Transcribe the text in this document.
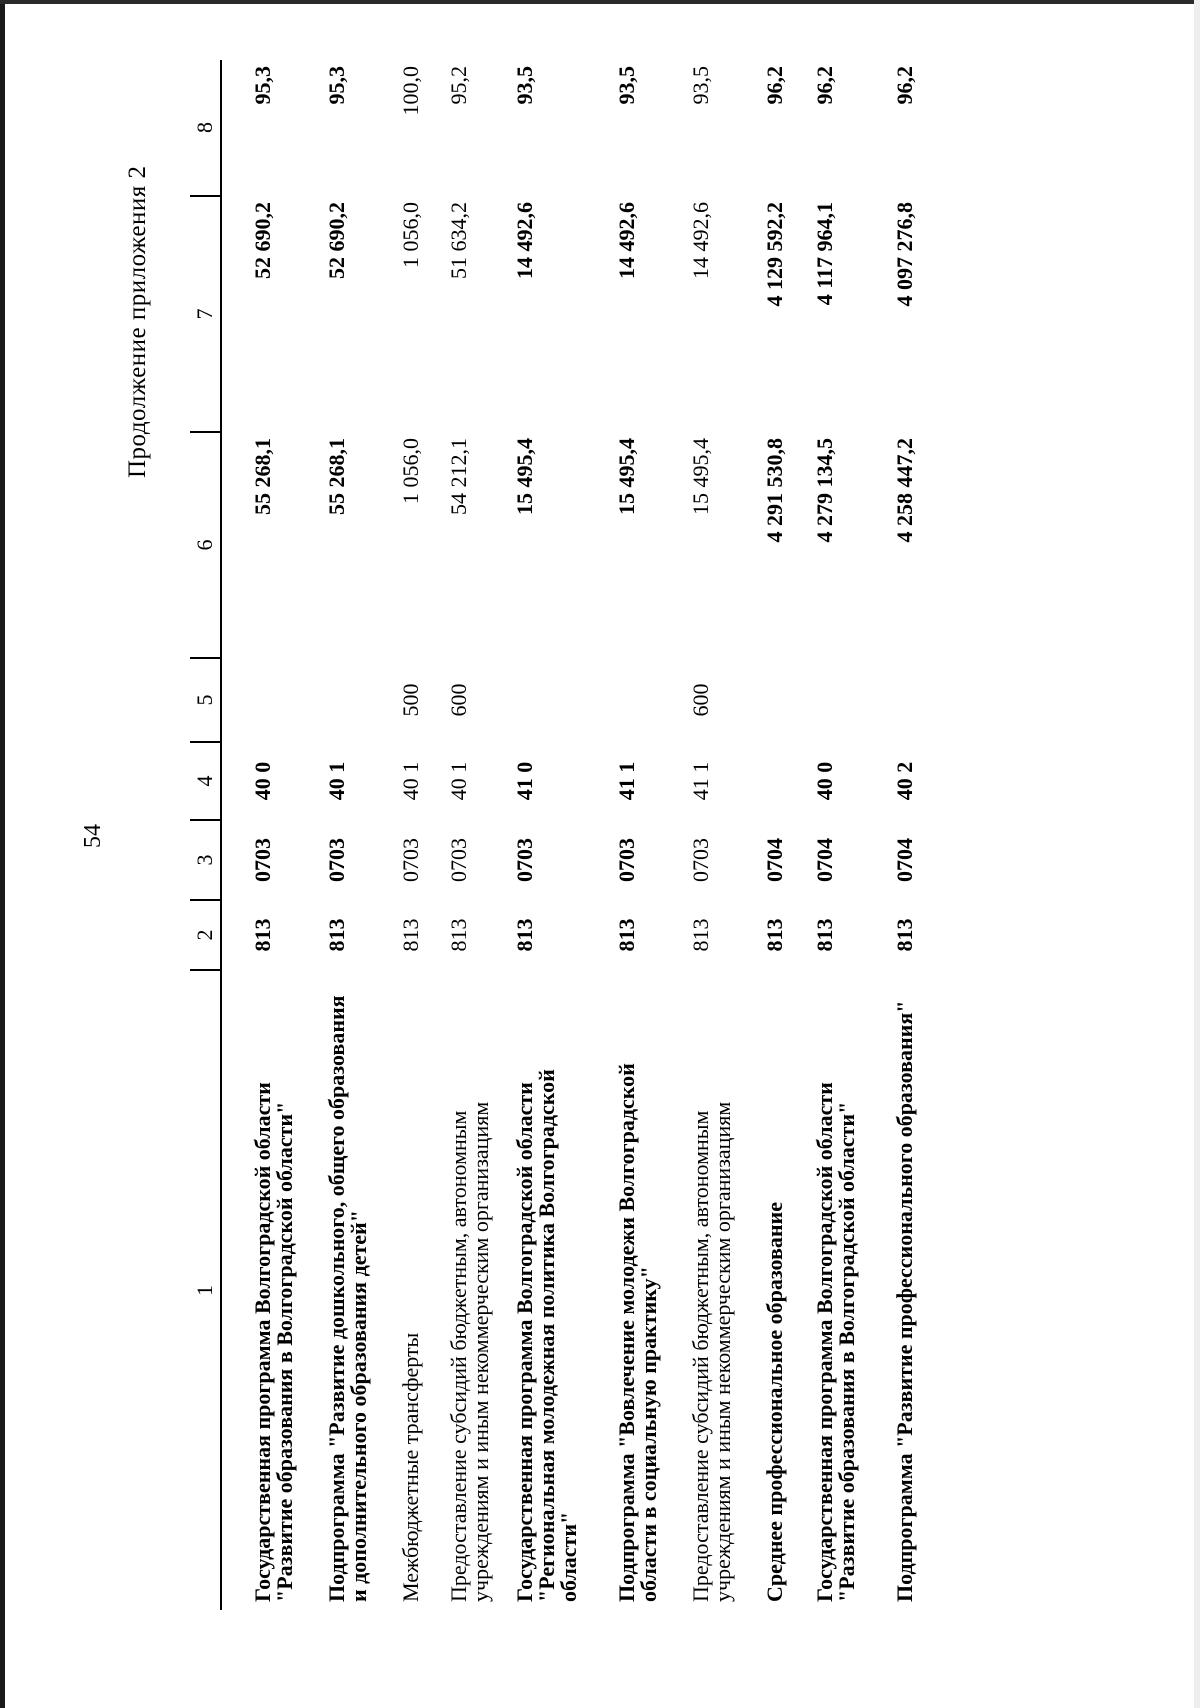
54
Продолжение приложения 2
1	2	3	4	5	6	7	8
Государственная программа Волгоградской области "Развитие образования в Волгоградской области"	813	0703	40 0		55 268,1	52 690,2	95,3
Подпрограмма "Развитие дошкольного, общего образования и дополнительного образования детей"	813	0703	40 1		55 268,1	52 690,2	95,3
Межбюджетные трансферты	813	0703	40 1	500	1 056,0	1 056,0	100,0
Предоставление субсидий бюджетным, автономным учреждениям и иным некоммерческим организациям	813	0703	40 1	600	54 212,1	51 634,2	95,2
Государственная программа Волгоградской области "Региональная молодежная политика Волгоградской области"	813	0703	41 0		15 495,4	14 492,6	93,5
Подпрограмма "Вовлечение молодежи Волгоградской области в социальную практику"	813	0703	41 1		15 495,4	14 492,6	93,5
Предоставление субсидий бюджетным, автономным учреждениям и иным некоммерческим организациям	813	0703	41 1	600	15 495,4	14 492,6	93,5
Среднее профессиональное образование	813	0704			4 291 530,8	4 129 592,2	96,2
Государственная программа Волгоградской области "Развитие образования в Волгоградской области"	813	0704	40 0		4 279 134,5	4 117 964,1	96,2
Подпрограмма "Развитие профессионального образования"	813	0704	40 2		4 258 447,2	4 097 276,8	96,2
